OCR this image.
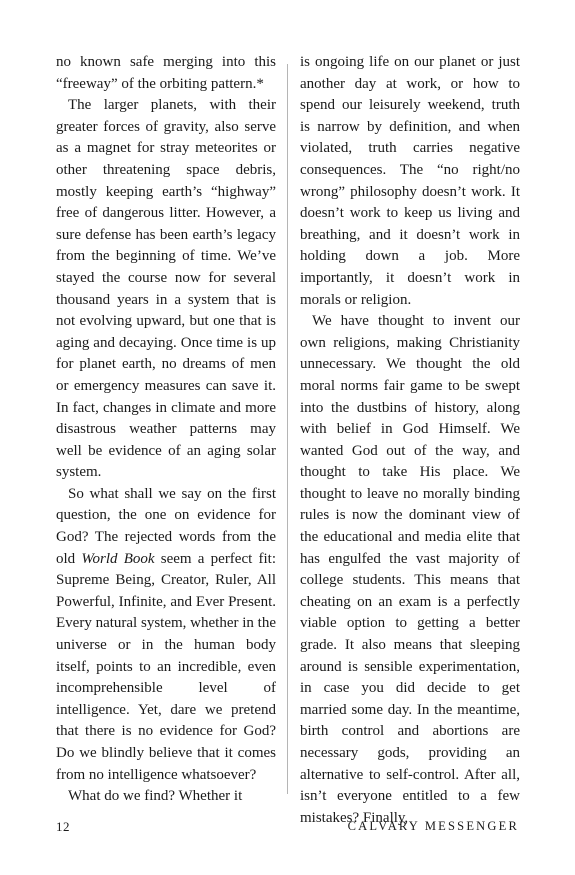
no known safe merging into this “freeway” of the orbiting pattern.*

The larger planets, with their greater forces of gravity, also serve as a magnet for stray meteorites or other threatening space debris, mostly keeping earth’s “highway” free of dangerous litter. However, a sure defense has been earth’s legacy from the beginning of time. We’ve stayed the course now for several thousand years in a system that is not evolving upward, but one that is aging and decaying. Once time is up for planet earth, no dreams of men or emergency measures can save it. In fact, changes in climate and more disastrous weather patterns may well be evidence of an aging solar system.

So what shall we say on the first question, the one on evidence for God? The rejected words from the old World Book seem a perfect fit: Supreme Being, Creator, Ruler, All Powerful, Infinite, and Ever Present. Every natural system, whether in the universe or in the human body itself, points to an incredible, even incomprehensible level of intelligence. Yet, dare we pretend that there is no evidence for God? Do we blindly believe that it comes from no intelligence whatsoever?

What do we find? Whether it

is ongoing life on our planet or just another day at work, or how to spend our leisurely weekend, truth is narrow by definition, and when violated, truth carries negative consequences. The “no right/no wrong” philosophy doesn’t work. It doesn’t work to keep us living and breathing, and it doesn’t work in holding down a job. More importantly, it doesn’t work in morals or religion.

We have thought to invent our own religions, making Christianity unnecessary. We thought the old moral norms fair game to be swept into the dustbins of history, along with belief in God Himself. We wanted God out of the way, and thought to take His place. We thought to leave no morally binding rules is now the dominant view of the educational and media elite that has engulfed the vast majority of college students. This means that cheating on an exam is a perfectly viable option to getting a better grade. It also means that sleeping around is sensible experimentation, in case you did decide to get married some day. In the meantime, birth control and abortions are necessary gods, providing an alternative to self-control. After all, isn’t everyone entitled to a few mistakes? Finally,

12	CALVARY MESSENGER
